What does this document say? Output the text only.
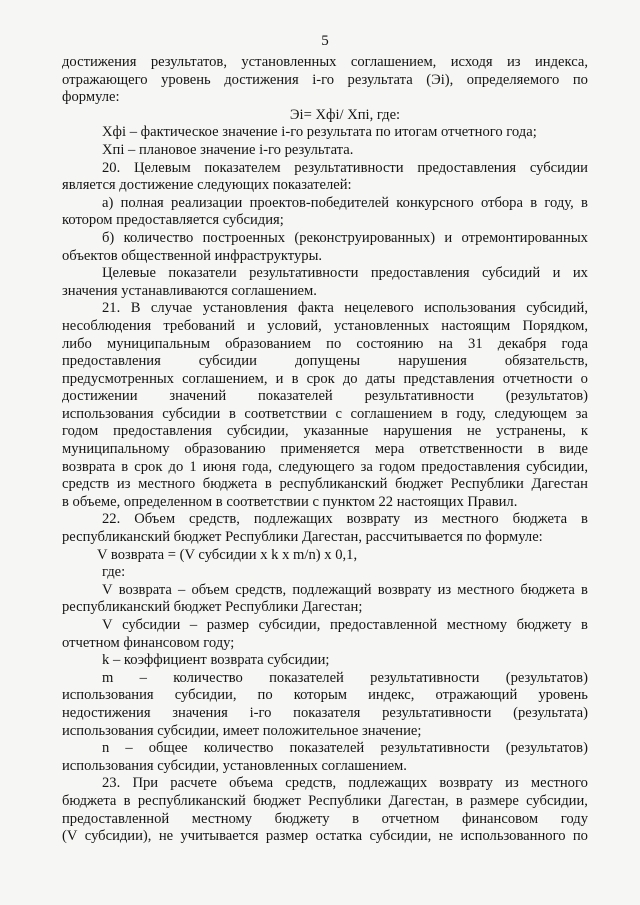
5
достижения результатов, установленных соглашением, исходя из индекса,
отражающего уровень достижения i-го результата (Эi), определяемого по
формуле:
Эi= Хфi/ Хпi, где:
Хфi – фактическое значение i-го результата по итогам отчетного года;
Хпi – плановое значение i-го результата.
20. Целевым показателем результативности предоставления субсидии
является достижение следующих показателей:
а) полная реализации проектов-победителей конкурсного отбора в году, в
котором предоставляется субсидия;
б) количество построенных (реконструированных) и отремонтированных
объектов общественной инфраструктуры.
Целевые показатели результативности предоставления субсидий и их
значения устанавливаются соглашением.
21. В случае установления факта нецелевого использования субсидий,
несоблюдения требований и условий, установленных настоящим Порядком,
либо муниципальным образованием по состоянию на 31 декабря года
предоставления	субсидии	допущены	нарушения	обязательств,
предусмотренных соглашением, и в срок до даты представления отчетности о
достижении значений показателей результативности (результатов)
использования субсидии в соответствии с соглашением в году, следующем за
годом предоставления субсидии, указанные нарушения не устранены, к
муниципальному образованию применяется мера ответственности в виде
возврата в срок до 1 июня года, следующего за годом предоставления субсидии,
средств из местного бюджета в республиканский бюджет Республики Дагестан
в объеме, определенном в соответствии с пунктом 22 настоящих Правил.
22. Объем средств, подлежащих возврату из местного бюджета в
республиканский бюджет Республики Дагестан, рассчитывается по формуле:
V возврата = (V субсидии x k x m/n) x 0,1,
где:
V возврата – объем средств, подлежащий возврату из местного бюджета в
республиканский бюджет Республики Дагестан;
V субсидии – размер субсидии, предоставленной местному бюджету в
отчетном финансовом году;
k – коэффициент возврата субсидии;
m – количество показателей результативности (результатов)
использования субсидии, по которым индекс, отражающий уровень
недостижения значения i-го показателя результативности (результата)
использования субсидии, имеет положительное значение;
n – общее количество показателей результативности (результатов)
использования субсидии, установленных соглашением.
23. При расчете объема средств, подлежащих возврату из местного
бюджета в республиканский бюджет Республики Дагестан, в размере субсидии,
предоставленной местному бюджету в отчетном финансовом году
(V субсидии), не учитывается размер остатка субсидии, не использованного по
